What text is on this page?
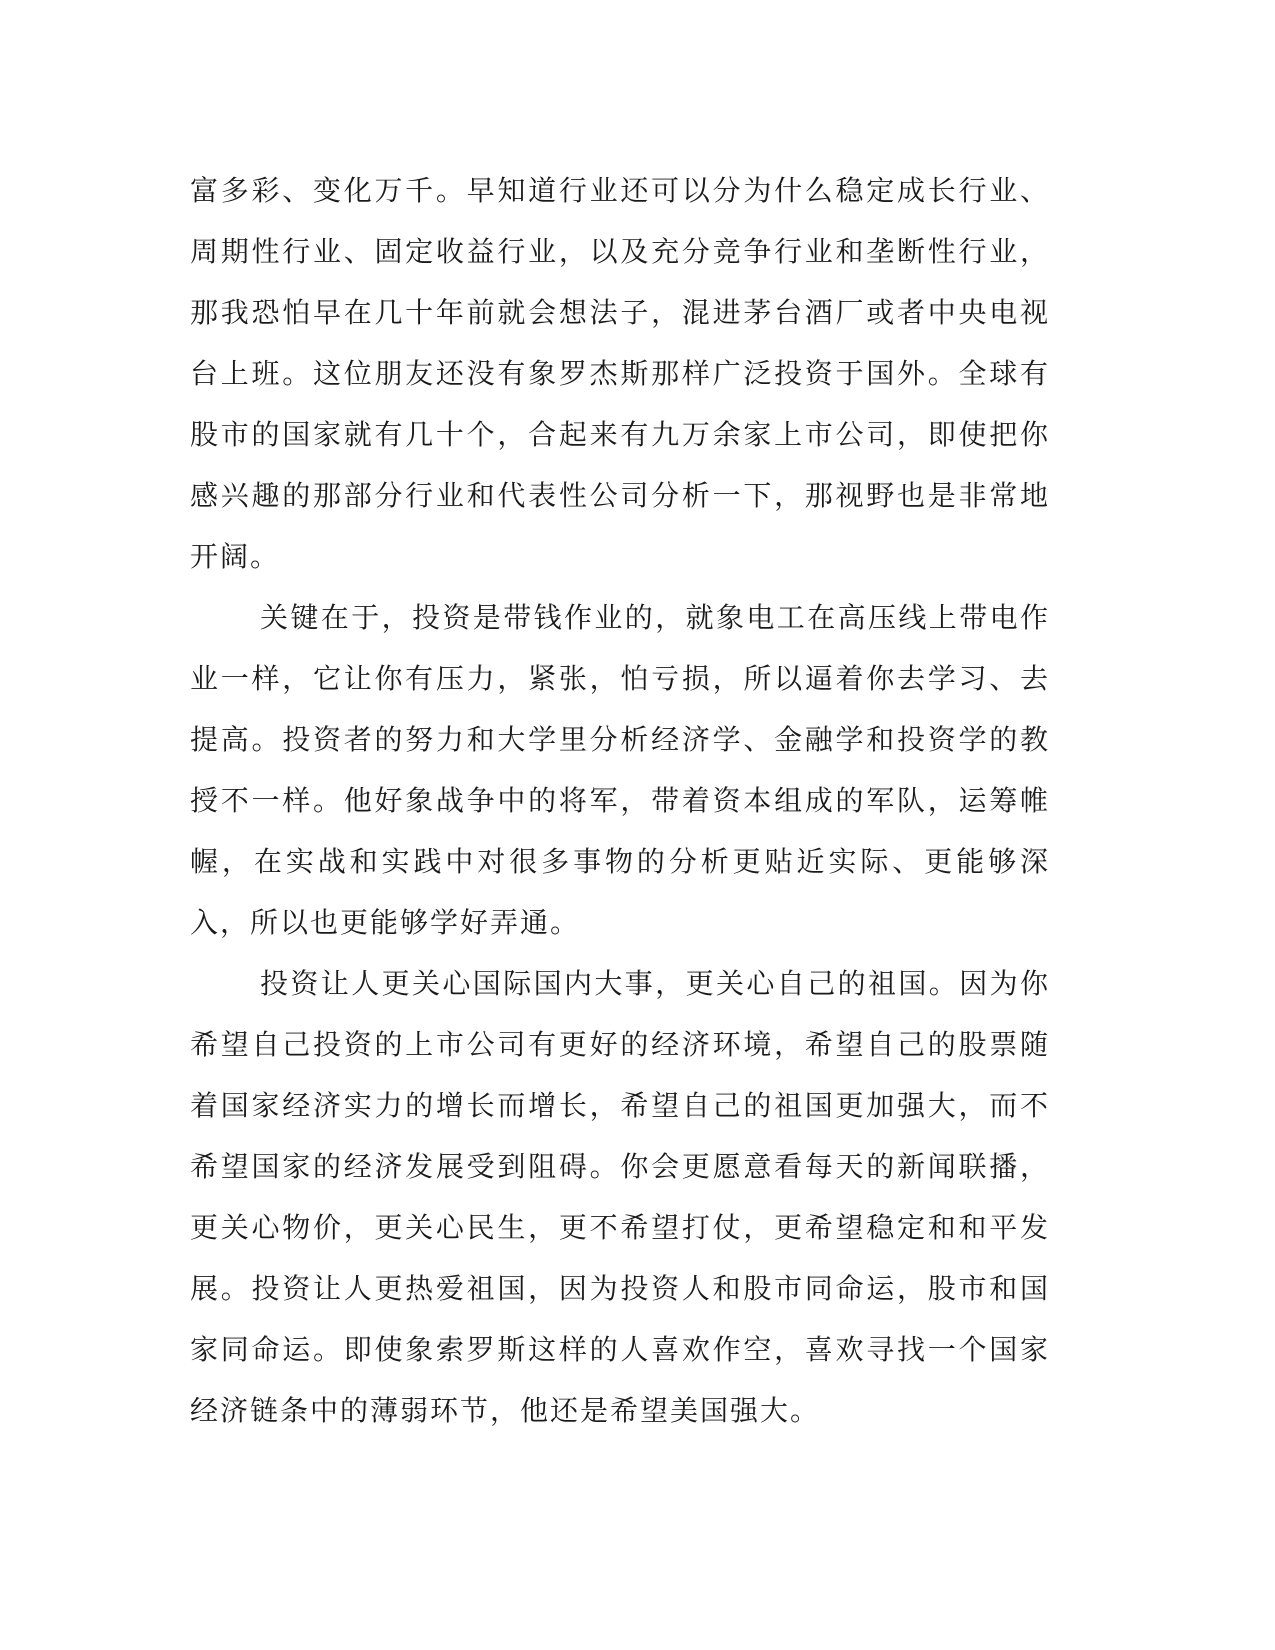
富多彩、变化万千。早知道行业还可以分为什么稳定成长行业、周期性行业、固定收益行业，以及充分竞争行业和垄断性行业，那我恐怕早在几十年前就会想法子，混进茅台酒厂或者中央电视台上班。这位朋友还没有象罗杰斯那样广泛投资于国外。全球有股市的国家就有几十个，合起来有九万余家上市公司，即使把你感兴趣的那部分行业和代表性公司分析一下，那视野也是非常地开阔。

关键在于，投资是带钱作业的，就象电工在高压线上带电作业一样，它让你有压力，紧张，怕亏损，所以逼着你去学习、去提高。投资者的努力和大学里分析经济学、金融学和投资学的教授不一样。他好象战争中的将军，带着资本组成的军队，运筹帷幄，在实战和实践中对很多事物的分析更贴近实际、更能够深入，所以也更能够学好弄通。

投资让人更关心国际国内大事，更关心自己的祖国。因为你希望自己投资的上市公司有更好的经济环境，希望自己的股票随着国家经济实力的增长而增长，希望自己的祖国更加强大，而不希望国家的经济发展受到阻碍。你会更愿意看每天的新闻联播，更关心物价，更关心民生，更不希望打仗，更希望稳定和和平发展。投资让人更热爱祖国，因为投资人和股市同命运，股市和国家同命运。即使象索罗斯这样的人喜欢作空，喜欢寻找一个国家经济链条中的薄弱环节，他还是希望美国强大。
